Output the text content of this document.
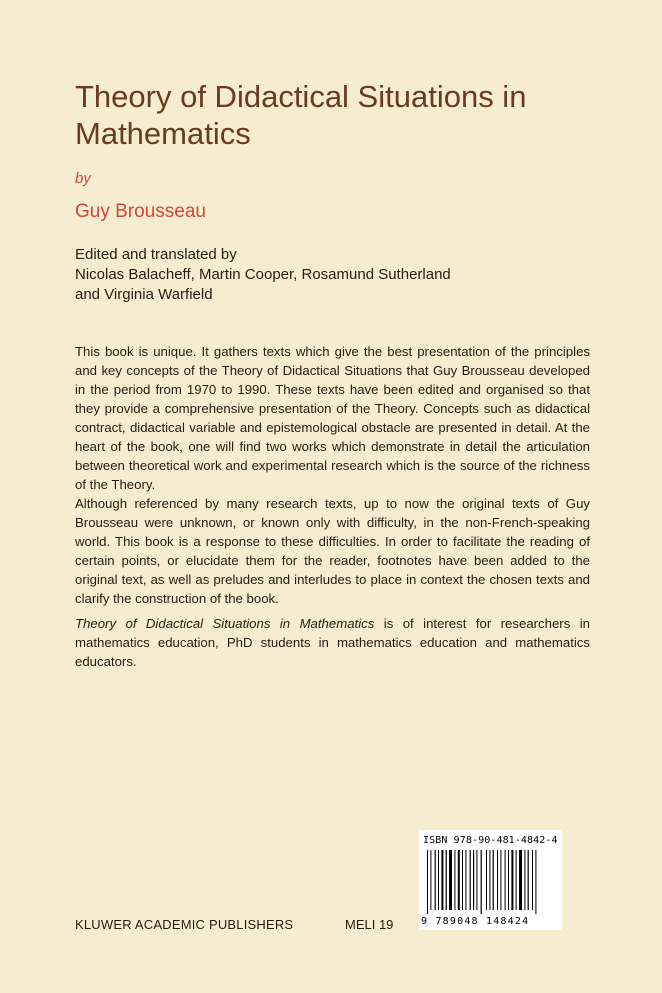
Theory of Didactical Situations in Mathematics
by
Guy Brousseau
Edited and translated by
Nicolas Balacheff, Martin Cooper, Rosamund Sutherland
and Virginia Warfield

This book is unique. It gathers texts which give the best presentation of the principles and key concepts of the Theory of Didactical Situations that Guy Brousseau developed in the period from 1970 to 1990. These texts have been edited and organised so that they provide a comprehensive presentation of the Theory. Concepts such as didactical contract, didactical variable and epistemological obstacle are presented in detail. At the heart of the book, one will find two works which demonstrate in detail the articulation between theoretical work and experimental research which is the source of the richness of the Theory.

Although referenced by many research texts, up to now the original texts of Guy Brousseau were unknown, or known only with difficulty, in the non-French-speaking world. This book is a response to these difficulties. In order to facilitate the reading of certain points, or elucidate them for the reader, footnotes have been added to the original text, as well as preludes and interludes to place in context the chosen texts and clarify the construction of the book.

Theory of Didactical Situations in Mathematics is of interest for researchers in mathematics education, PhD students in mathematics education and mathematics educators.

KLUWER ACADEMIC PUBLISHERS	MELI 19
ISBN 978-90-481-4842-4
9 789048 148424
